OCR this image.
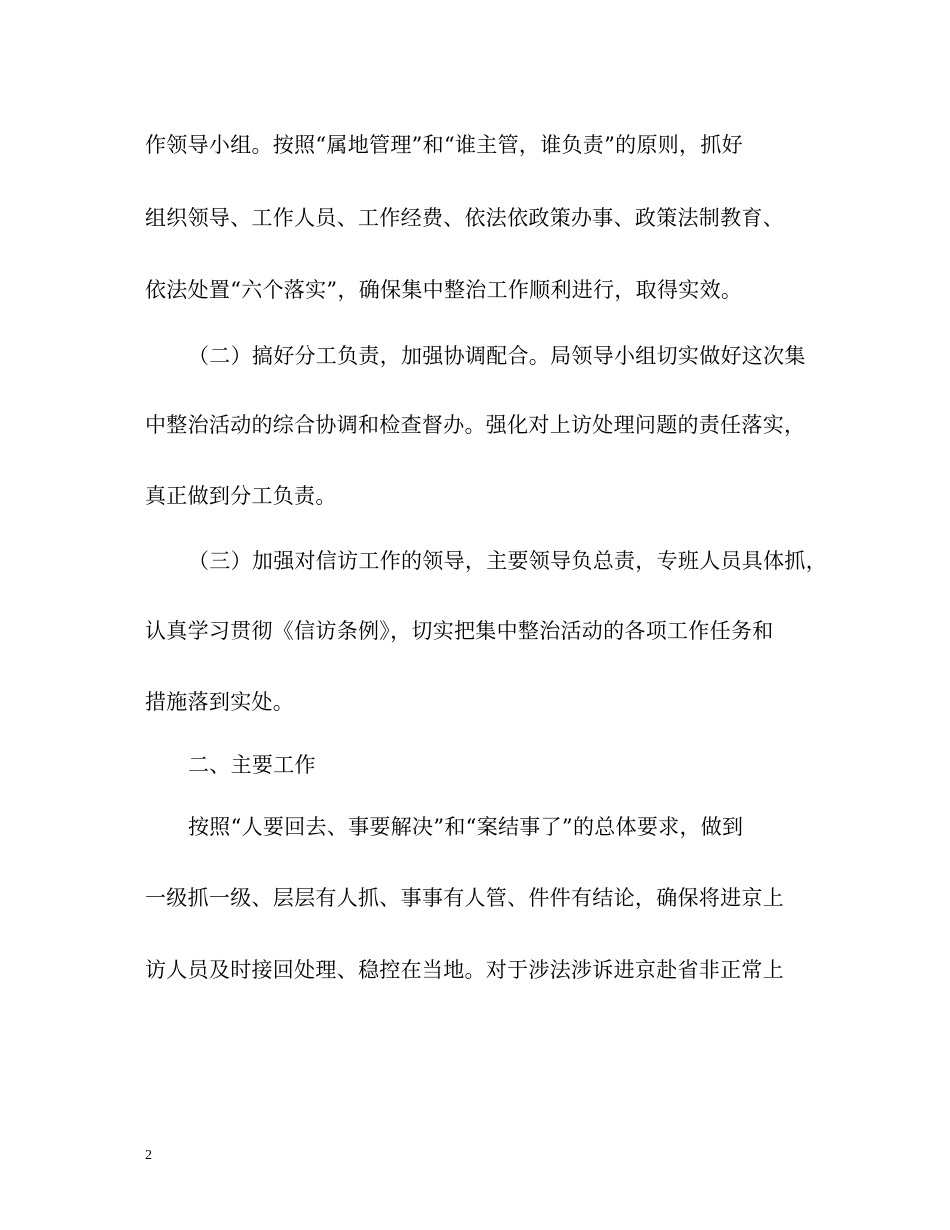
作领导小组。按照“属地管理”和“谁主管，谁负责”的原则，抓好
组织领导、工作人员、工作经费、依法依政策办事、政策法制教育、
依法处置“六个落实”，确保集中整治工作顺利进行，取得实效。
（二）搞好分工负责，加强协调配合。局领导小组切实做好这次集
中整治活动的综合协调和检查督办。强化对上访处理问题的责任落实，
真正做到分工负责。
（三）加强对信访工作的领导，主要领导负总责，专班人员具体抓，
认真学习贯彻《信访条例》，切实把集中整治活动的各项工作任务和
措施落到实处。
二、主要工作
按照“人要回去、事要解决”和“案结事了”的总体要求，做到
一级抓一级、层层有人抓、事事有人管、件件有结论，确保将进京上
访人员及时接回处理、稳控在当地。对于涉法涉诉进京赴省非正常上
2
